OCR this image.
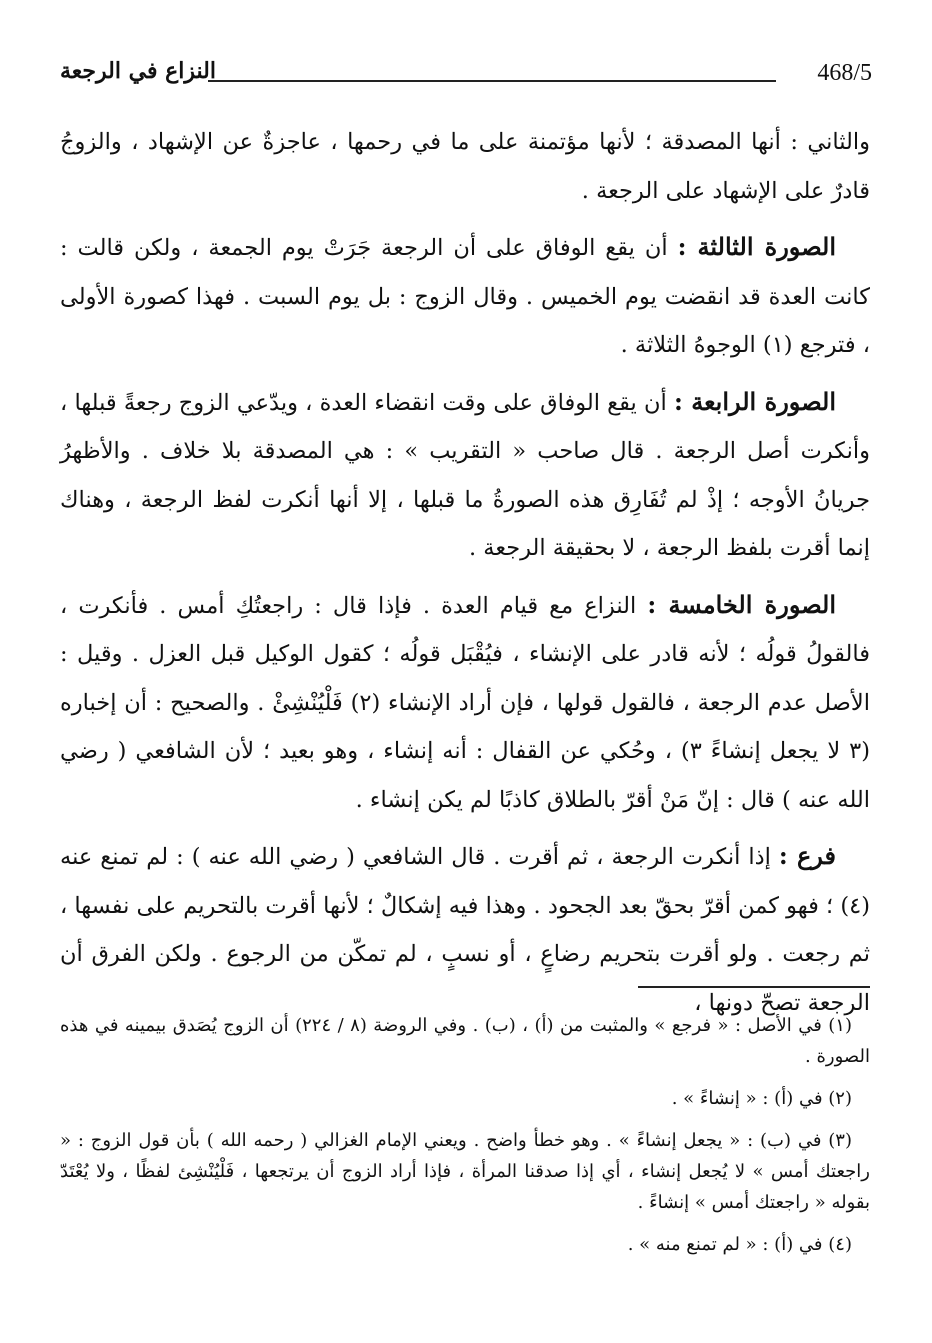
468/5
النزاع في الرجعة

والثاني : أنها المصدقة ؛ لأنها مؤتمنة على ما في رحمها ، عاجزةٌ عن الإشهاد ، والزوجُ قادرٌ على الإشهاد على الرجعة .

الصورة الثالثة : أن يقع الوفاق على أن الرجعة جَرَتْ يوم الجمعة ، ولكن قالت : كانت العدة قد انقضت يوم الخميس . وقال الزوج : بل يوم السبت . فهذا كصورة الأولى ، فترجع (١) الوجوهُ الثلاثة .

الصورة الرابعة : أن يقع الوفاق على وقت انقضاء العدة ، ويدّعي الزوج رجعةً قبلها ، وأنكرت أصل الرجعة . قال صاحب « التقريب » : هي المصدقة بلا خلاف . والأظهرُ جريانُ الأوجه ؛ إذْ لم تُفَارِق هذه الصورةُ ما قبلها ، إلا أنها أنكرت لفظ الرجعة ، وهناك إنما أقرت بلفظ الرجعة ، لا بحقيقة الرجعة .

الصورة الخامسة : النزاع مع قيام العدة . فإذا قال : راجعتُكِ أمس . فأنكرت ، فالقولُ قولُه ؛ لأنه قادر على الإنشاء ، فيُقْبَل قولُه ؛ كقول الوكيل قبل العزل . وقيل : الأصل عدم الرجعة ، فالقول قولها ، فإن أراد الإنشاء (٢) فَلْيُنْشِئْ . والصحيح : أن إخباره (٣ لا يجعل إنشاءً ٣) ، وحُكي عن القفال : أنه إنشاء ، وهو بعيد ؛ لأن الشافعي ( رضي الله عنه ) قال : إنّ مَنْ أقرّ بالطلاق كاذبًا لم يكن إنشاء .

فرع : إذا أنكرت الرجعة ، ثم أقرت . قال الشافعي ( رضي الله عنه ) : لم تمنع عنه (٤) ؛ فهو كمن أقرّ بحقّ بعد الجحود . وهذا فيه إشكالٌ ؛ لأنها أقرت بالتحريم على نفسها ، ثم رجعت . ولو أقرت بتحريم رضاعٍ ، أو نسبٍ ، لم تمكّن من الرجوع . ولكن الفرق أن الرجعة تصحّ دونها ،

(١) في الأصل : « فرجع » والمثبت من (أ) ، (ب) . وفي الروضة (٨ / ٢٢٤) أن الزوج يُصَدق بيمينه في هذه الصورة .

(٢) في (أ) : « إنشاءً » .

(٣) في (ب) : « يجعل إنشاءً » . وهو خطأ واضح . ويعني الإمام الغزالي ( رحمه الله ) بأن قول الزوج : « راجعتك أمس » لا يُجعل إنشاء ، أي إذا صدقنا المرأة ، فإذا أراد الزوج أن يرتجعها ، فَلْيُنْشِئ لفظًا ، ولا يُعْتَدّ بقوله « راجعتك أمس » إنشاءً .

(٤) في (أ) : « لم تمنع منه » .
